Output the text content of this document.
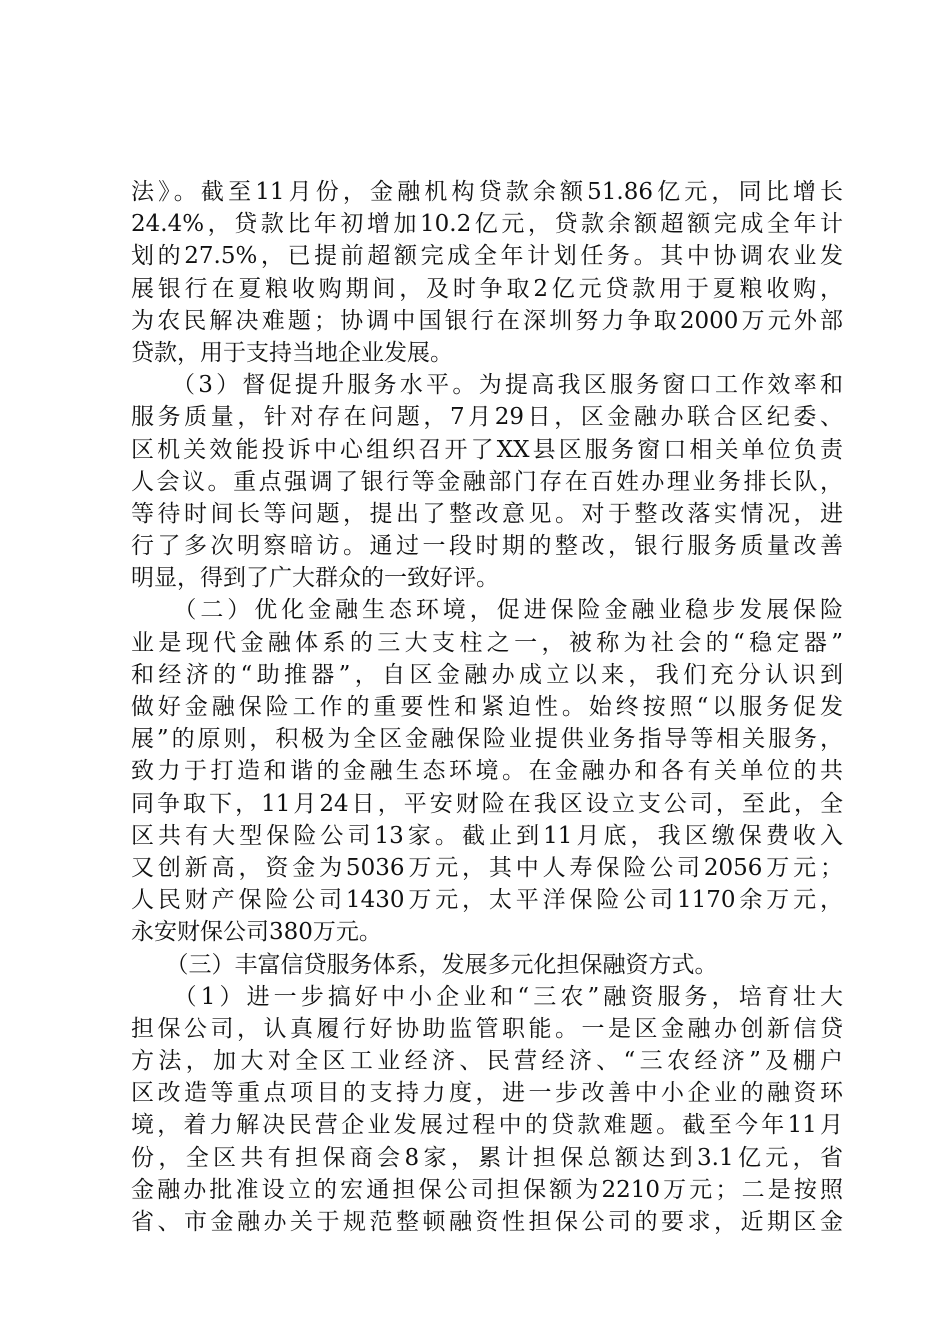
法》。截至11月份，金融机构贷款余额51.86亿元，同比增长
24.4%，贷款比年初增加10.2亿元，贷款余额超额完成全年计
划的27.5%，已提前超额完成全年计划任务。其中协调农业发
展银行在夏粮收购期间，及时争取2亿元贷款用于夏粮收购，
为农民解决难题；协调中国银行在深圳努力争取2000万元外部
贷款，用于支持当地企业发展。
　　（3）督促提升服务水平。为提高我区服务窗口工作效率和
服务质量，针对存在问题，7月29日，区金融办联合区纪委、
区机关效能投诉中心组织召开了XX县区服务窗口相关单位负责
人会议。重点强调了银行等金融部门存在百姓办理业务排长队，
等待时间长等问题，提出了整改意见。对于整改落实情况，进
行了多次明察暗访。通过一段时期的整改，银行服务质量改善
明显，得到了广大群众的一致好评。
　　（二）优化金融生态环境，促进保险金融业稳步发展保险
业是现代金融体系的三大支柱之一，被称为社会的“稳定器”
和经济的“助推器”，自区金融办成立以来，我们充分认识到
做好金融保险工作的重要性和紧迫性。始终按照“以服务促发
展”的原则，积极为全区金融保险业提供业务指导等相关服务，
致力于打造和谐的金融生态环境。在金融办和各有关单位的共
同争取下，11月24日，平安财险在我区设立支公司，至此，全
区共有大型保险公司13家。截止到11月底，我区缴保费收入
又创新高，资金为5036万元，其中人寿保险公司2056万元；
人民财产保险公司1430万元，太平洋保险公司1170余万元，
永安财保公司380万元。
　　（三）丰富信贷服务体系，发展多元化担保融资方式。
　　（1）进一步搞好中小企业和“三农”融资服务，培育壮大
担保公司，认真履行好协助监管职能。一是区金融办创新信贷
方法，加大对全区工业经济、民营经济、“三农经济”及棚户
区改造等重点项目的支持力度，进一步改善中小企业的融资环
境，着力解决民营企业发展过程中的贷款难题。截至今年11月
份，全区共有担保商会8家，累计担保总额达到3.1亿元，省
金融办批准设立的宏通担保公司担保额为2210万元；二是按照
省、市金融办关于规范整顿融资性担保公司的要求，近期区金
